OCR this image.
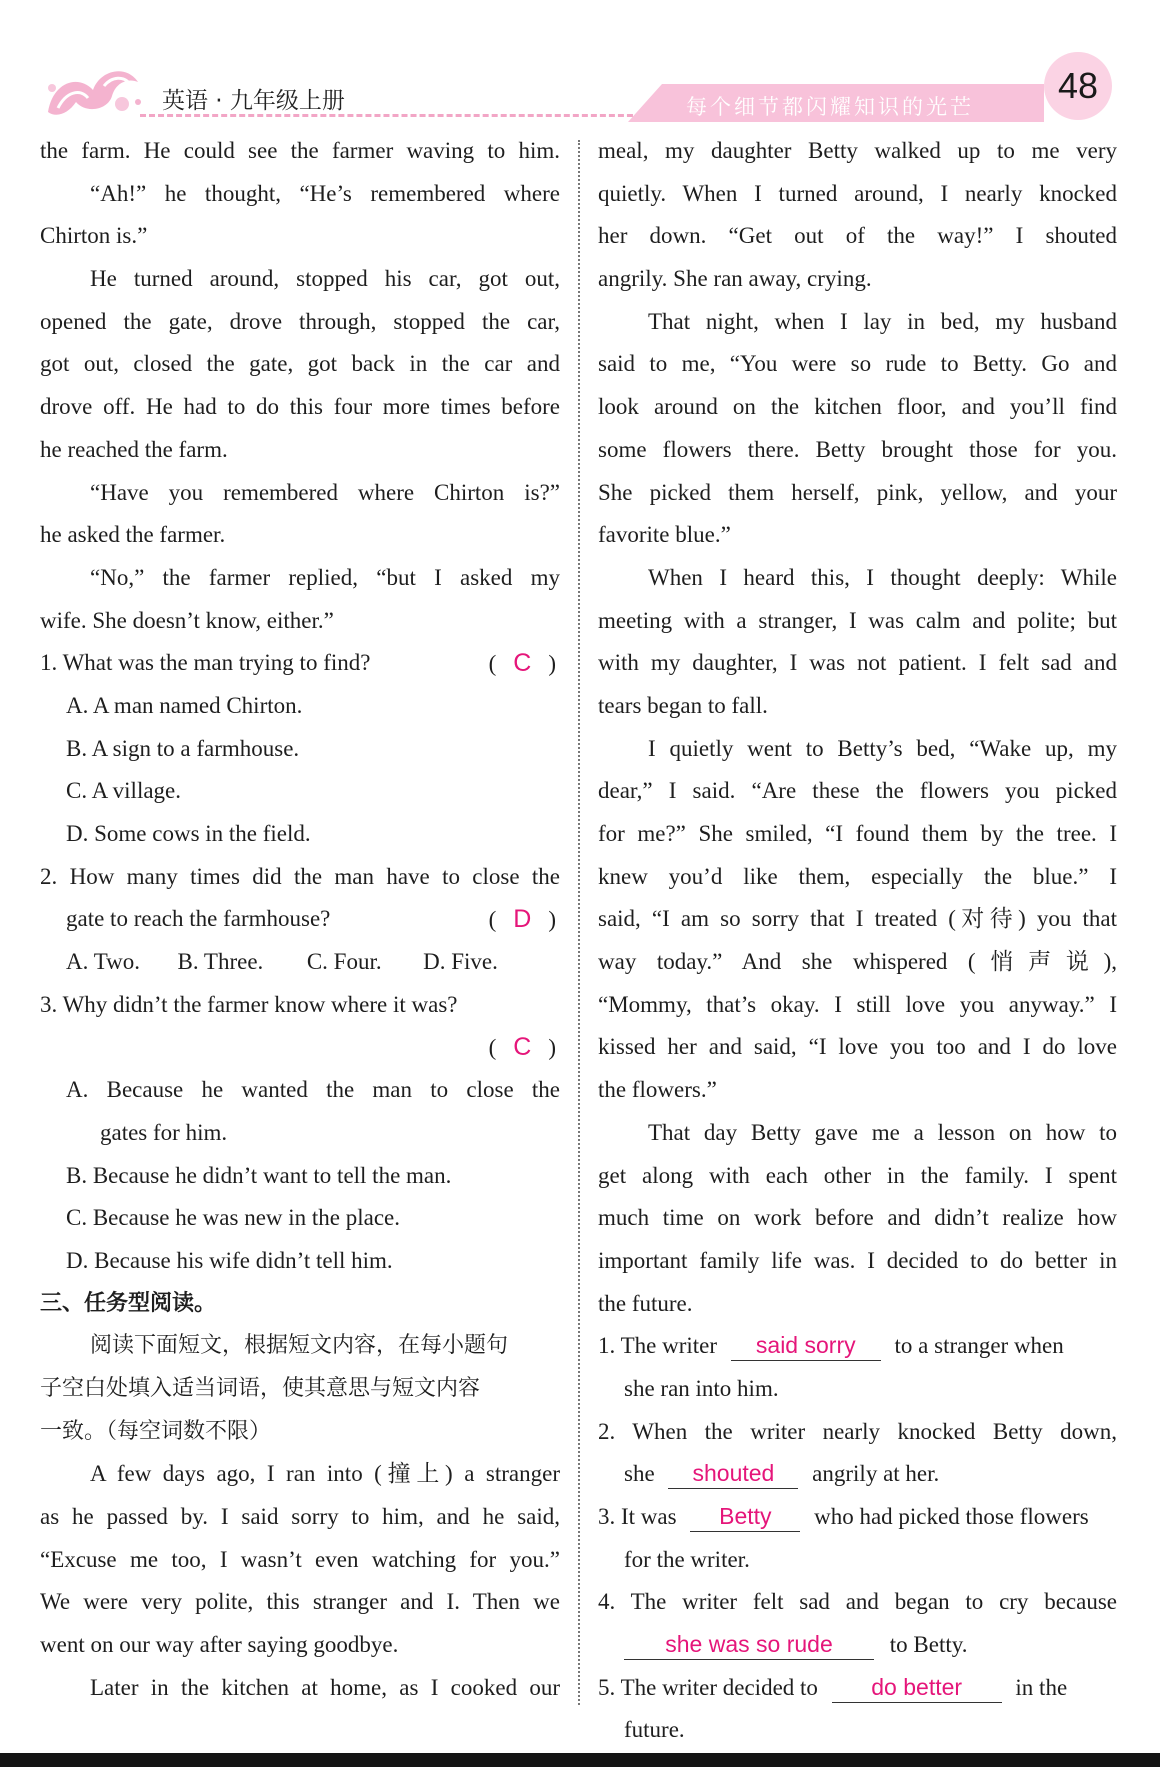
英语 · 九年级上册	每个细节都闪耀知识的光芒
48
the farm. He could see the farmer waving to him.
“Ah!” he thought, “He’s remembered where
Chirton is.”
He turned around, stopped his car, got out,
opened the gate, drove through, stopped the car,
got out, closed the gate, got back in the car and
drove off. He had to do this four more times before
he reached the farm.
“Have you remembered where Chirton is?”
he asked the farmer.
“No,” the farmer replied, “but I asked my
wife. She doesn’t know, either.”
1. What was the man trying to find?	( C )
A. A man named Chirton.
B. A sign to a farmhouse.
C. A village.
D. Some cows in the field.
2. How many times did the man have to close the
gate to reach the farmhouse?	( D )
A. Two. B. Three. C. Four. D. Five.
3. Why didn’t the farmer know where it was?
( C )
A. Because he wanted the man to close the
gates for him.
B. Because he didn’t want to tell the man.
C. Because he was new in the place.
D. Because his wife didn’t tell him.
三、任务型阅读。
阅读下面短文，根据短文内容，在每小题句
子空白处填入适当词语，使其意思与短文内容
一致。（每空词数不限）
A few days ago, I ran into (撞上) a stranger
as he passed by. I said sorry to him, and he said,
“Excuse me too, I wasn’t even watching for you.”
We were very polite, this stranger and I. Then we
went on our way after saying goodbye.
Later in the kitchen at home, as I cooked our
meal, my daughter Betty walked up to me very
quietly. When I turned around, I nearly knocked
her down. “Get out of the way!” I shouted
angrily. She ran away, crying.
That night, when I lay in bed, my husband
said to me, “You were so rude to Betty. Go and
look around on the kitchen floor, and you’ll find
some flowers there. Betty brought those for you.
She picked them herself, pink, yellow, and your
favorite blue.”
When I heard this, I thought deeply: While
meeting with a stranger, I was calm and polite; but
with my daughter, I was not patient. I felt sad and
tears began to fall.
I quietly went to Betty’s bed, “Wake up, my
dear,” I said. “Are these the flowers you picked
for me?” She smiled, “I found them by the tree. I
knew you’d like them, especially the blue.” I
said, “I am so sorry that I treated (对待) you that
way today.” And she whispered (悄声说),
“Mommy, that’s okay. I still love you anyway.” I
kissed her and said, “I love you too and I do love
the flowers.”
That day Betty gave me a lesson on how to
get along with each other in the family. I spent
much time on work before and didn’t realize how
important family life was. I decided to do better in
the future.
1. The writer said sorry to a stranger when
she ran into him.
2. When the writer nearly knocked Betty down,
she shouted angrily at her.
3. It was Betty who had picked those flowers
for the writer.
4. The writer felt sad and began to cry because
she was so rude to Betty.
5. The writer decided to do better in the
future.
